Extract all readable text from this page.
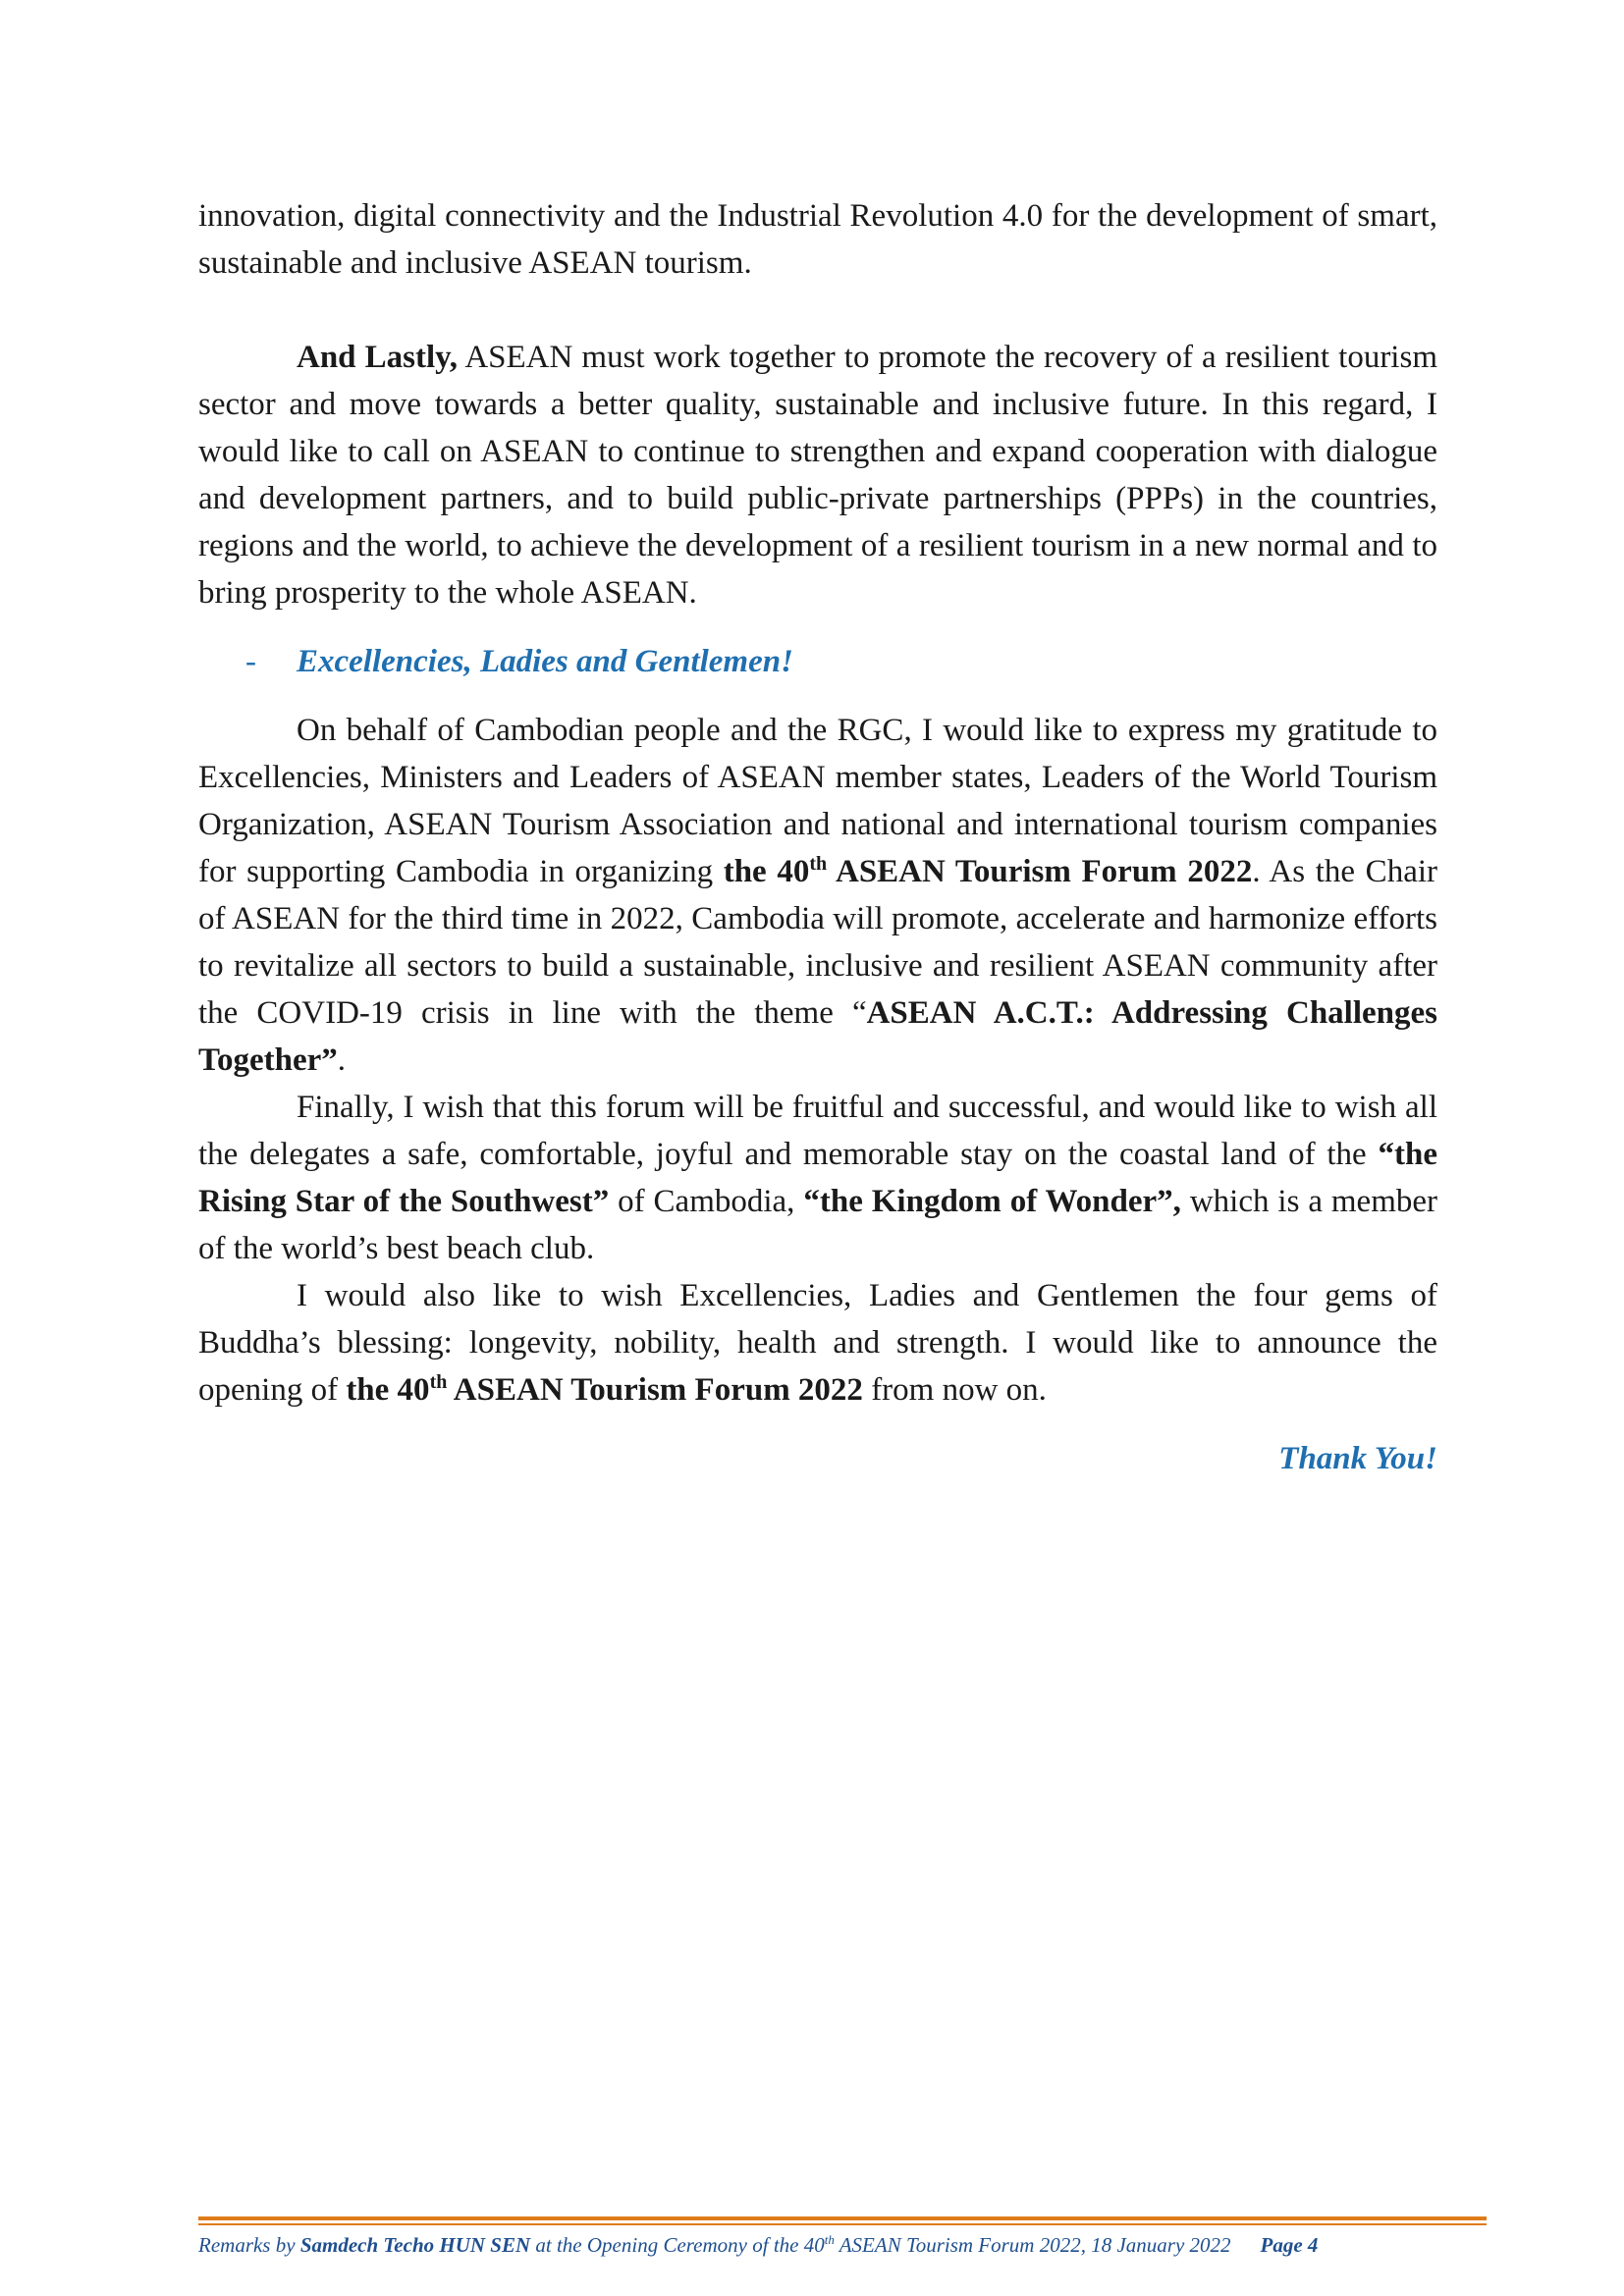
innovation, digital connectivity and the Industrial Revolution 4.0 for the development of smart, sustainable and inclusive ASEAN tourism.

And Lastly, ASEAN must work together to promote the recovery of a resilient tourism sector and move towards a better quality, sustainable and inclusive future. In this regard, I would like to call on ASEAN to continue to strengthen and expand cooperation with dialogue and development partners, and to build public-private partnerships (PPPs) in the countries, regions and the world, to achieve the development of a resilient tourism in a new normal and to bring prosperity to the whole ASEAN.

- Excellencies, Ladies and Gentlemen!

On behalf of Cambodian people and the RGC, I would like to express my gratitude to Excellencies, Ministers and Leaders of ASEAN member states, Leaders of the World Tourism Organization, ASEAN Tourism Association and national and international tourism companies for supporting Cambodia in organizing the 40th ASEAN Tourism Forum 2022. As the Chair of ASEAN for the third time in 2022, Cambodia will promote, accelerate and harmonize efforts to revitalize all sectors to build a sustainable, inclusive and resilient ASEAN community after the COVID-19 crisis in line with the theme “ASEAN A.C.T.: Addressing Challenges Together”.

Finally, I wish that this forum will be fruitful and successful, and would like to wish all the delegates a safe, comfortable, joyful and memorable stay on the coastal land of the “the Rising Star of the Southwest” of Cambodia, “the Kingdom of Wonder”, which is a member of the world’s best beach club.

I would also like to wish Excellencies, Ladies and Gentlemen the four gems of Buddha’s blessing: longevity, nobility, health and strength. I would like to announce the opening of the 40th ASEAN Tourism Forum 2022 from now on.

Thank You!
Remarks by Samdech Techo HUN SEN at the Opening Ceremony of the 40th ASEAN Tourism Forum 2022, 18 January 2022 Page 4
